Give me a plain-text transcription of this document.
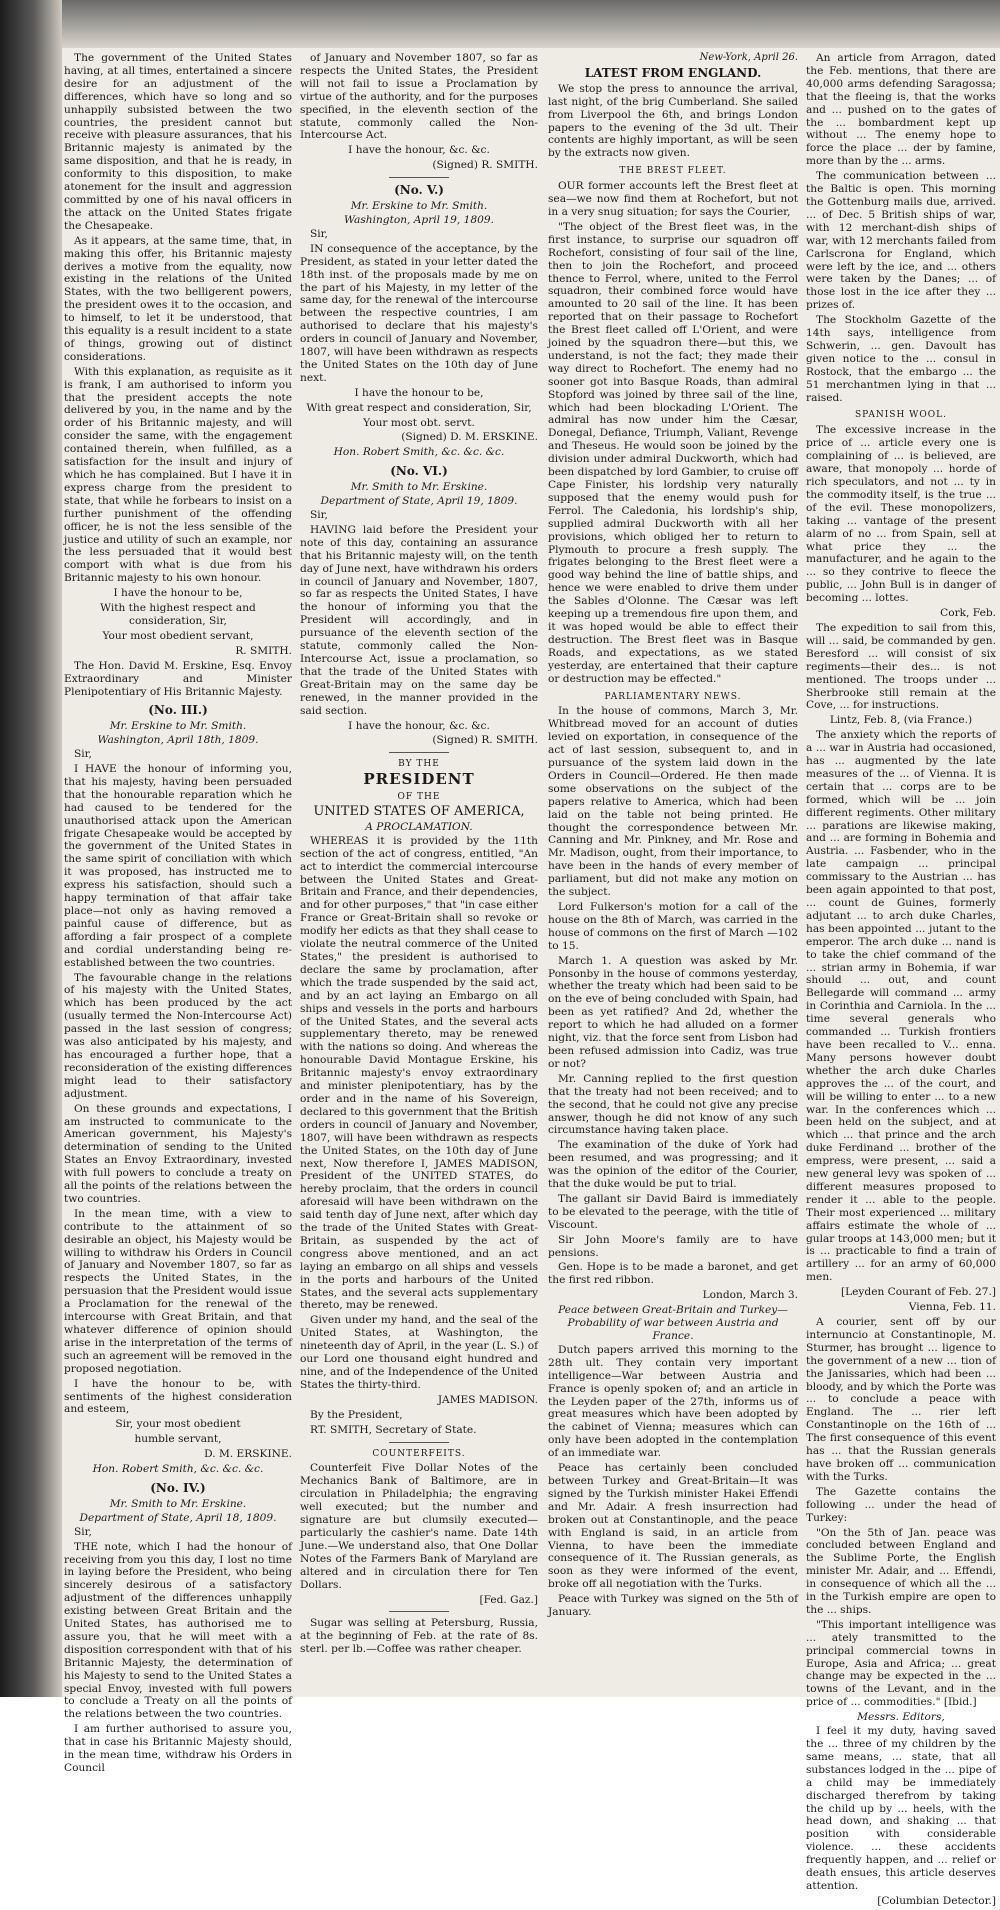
The government of the United States having, at all times, entertained a sincere desire for an adjustment of the differences, which have so long and so unhappily subsisted between the two countries, the president cannot but receive with pleasure assurances, that his Britannic majesty is animated by the same disposition, and that he is ready, in conformity to this disposition, to make atonement for the insult and aggression committed by one of his naval officers in the attack on the United States frigate the Chesapeake.

As it appears, at the same time, that, in making this offer, his Britannic majesty derives a motive from the equality, now existing in the relations of the United States, with the two belligerent powers, the president owes it to the occasion, and to himself, to let it be understood, that this equality is a result incident to a state of things, growing out of distinct considerations.

With this explanation, as requisite as it is frank, I am authorised to inform you that the president accepts the note delivered by you, in the name and by the order of his Britannic majesty, and will consider the same, with the engagement contained therein, when fulfilled, as a satisfaction for the insult and injury of which he has complained. But I have it in express charge from the president to state, that while he forbears to insist on a further punishment of the offending officer, he is not the less sensible of the justice and utility of such an example, nor the less persuaded that it would best comport with what is due from his Britannic majesty to his own honour.

I have the honour to be,

With the highest respect and consideration, Sir,

Your most obedient servant,

R. SMITH.

The Hon. David M. Erskine, Esq. Envoy Extraordinary and Minister Plenipotentiary of His Britannic Majesty.

(No. III.)
Mr. Erskine to Mr. Smith.
Washington, April 18th, 1809.

Sir,

I HAVE the honour of informing you, that his majesty, having been persuaded that the honourable reparation which he had caused to be tendered for the unauthorised attack upon the American frigate Chesapeake would be accepted by the government of the United States in the same spirit of conciliation with which it was proposed, has instructed me to express his satisfaction, should such a happy termination of that affair take place—not only as having removed a painful cause of difference, but as affording a fair prospect of a complete and cordial understanding being re-established between the two countries.

The favourable change in the relations of his majesty with the United States, which has been produced by the act (usually termed the Non-Intercourse Act) passed in the last session of congress; was also anticipated by his majesty, and has encouraged a further hope, that a reconsideration of the existing differences might lead to their satisfactory adjustment.

On these grounds and expectations, I am instructed to communicate to the American government, his Majesty's determination of sending to the United States an Envoy Extraordinary, invested with full powers to conclude a treaty on all the points of the relations between the two countries.

In the mean time, with a view to contribute to the attainment of so desirable an object, his Majesty would be willing to withdraw his Orders in Council of January and November 1807, so far as respects the United States, in the persuasion that the President would issue a Proclamation for the renewal of the intercourse with Great Britain, and that whatever difference of opinion should arise in the interpretation of the terms of such an agreement will be removed in the proposed negotiation.

I have the honour to be, with sentiments of the highest consideration and esteem,

Sir, your most obedient

humble servant,

D. M. ERSKINE.

Hon. Robert Smith, &c. &c. &c.

(No. IV.)
Mr. Smith to Mr. Erskine.
Department of State, April 18, 1809.

Sir,

THE note, which I had the honour of receiving from you this day, I lost no time in laying before the President, who being sincerely desirous of a satisfactory adjustment of the differences unhappily existing between Great Britain and the United States, has authorised me to assure you, that he will meet with a disposition correspondent with that of his Britannic Majesty, the determination of his Majesty to send to the United States a special Envoy, invested with full powers to conclude a Treaty on all the points of the relations between the two countries.

I am further authorised to assure you, that in case his Britannic Majesty should, in the mean time, withdraw his Orders in Council

of January and November 1807, so far as respects the United States, the President will not fail to issue a Proclamation by virtue of the authority, and for the purposes specified, in the eleventh section of the statute, commonly called the Non-Intercourse Act.

I have the honour, &c. &c.

(Signed) R. SMITH.

(No. V.)
Mr. Erskine to Mr. Smith.
Washington, April 19, 1809.

Sir,

IN consequence of the acceptance, by the President, as stated in your letter dated the 18th inst. of the proposals made by me on the part of his Majesty, in my letter of the same day, for the renewal of the intercourse between the respective countries, I am authorised to declare that his majesty's orders in council of January and November, 1807, will have been withdrawn as respects the United States on the 10th day of June next.

I have the honour to be,

With great respect and consideration, Sir,

Your most obt. servt.

(Signed) D. M. ERSKINE.

Hon. Robert Smith, &c. &c. &c.

(No. VI.)
Mr. Smith to Mr. Erskine.
Department of State, April 19, 1809.

Sir,

HAVING laid before the President your note of this day, containing an assurance that his Britannic majesty will, on the tenth day of June next, have withdrawn his orders in council of January and November, 1807, so far as respects the United States, I have the honour of informing you that the President will accordingly, and in pursuance of the eleventh section of the statute, commonly called the Non-Intercourse Act, issue a proclamation, so that the trade of the United States with Great-Britain may on the same day be renewed, in the manner provided in the said section.

I have the honour, &c. &c.

(Signed) R. SMITH.

BY THE
PRESIDENT
OF THE
UNITED STATES OF AMERICA,
A PROCLAMATION.

WHEREAS it is provided by the 11th section of the act of congress, entitled, "An act to interdict the commercial intercourse between the United States and Great-Britain and France, and their dependencies, and for other purposes," that "in case either France or Great-Britain shall so revoke or modify her edicts as that they shall cease to violate the neutral commerce of the United States," the president is authorised to declare the same by proclamation, after which the trade suspended by the said act, and by an act laying an Embargo on all ships and vessels in the ports and harbours of the United States, and the several acts supplementary thereto, may be renewed with the nations so doing. And whereas the honourable David Montague Erskine, his Britannic majesty's envoy extraordinary and minister plenipotentiary, has by the order and in the name of his Sovereign, declared to this government that the British orders in council of January and November, 1807, will have been withdrawn as respects the United States, on the 10th day of June next, Now therefore I, JAMES MADISON, President of the UNITED STATES, do hereby proclaim, that the orders in council aforesaid will have been withdrawn on the said tenth day of June next, after which day the trade of the United States with Great-Britain, as suspended by the act of congress above mentioned, and an act laying an embargo on all ships and vessels in the ports and harbours of the United States, and the several acts supplementary thereto, may be renewed.

Given under my hand, and the seal of the United States, at Washington, the nineteenth day of April, in the year (L. S.) of our Lord one thousand eight hundred and nine, and of the Independence of the United States the thirty-third.

JAMES MADISON.

By the President,

RT. SMITH, Secretary of State.

COUNTERFEITS.

Counterfeit Five Dollar Notes of the Mechanics Bank of Baltimore, are in circulation in Philadelphia; the engraving well executed; but the number and signature are but clumsily executed—particularly the cashier's name. Date 14th June.—We understand also, that One Dollar Notes of the Farmers Bank of Maryland are altered and in circulation there for Ten Dollars.

[Fed. Gaz.]

Sugar was selling at Petersburg, Russia, at the beginning of Feb. at the rate of 8s. sterl. per lb.—Coffee was rather cheaper.

New-York, April 26.
LATEST FROM ENGLAND.

We stop the press to announce the arrival, last night, of the brig Cumberland. She sailed from Liverpool the 6th, and brings London papers to the evening of the 3d ult. Their contents are highly important, as will be seen by the extracts now given.

THE BREST FLEET.

OUR former accounts left the Brest fleet at sea—we now find them at Rochefort, but not in a very snug situation; for says the Courier,

"The object of the Brest fleet was, in the first instance, to surprise our squadron off Rochefort, consisting of four sail of the line, then to join the Rochefort, and proceed thence to Ferrol, where, united to the Ferrol squadron, their combined force would have amounted to 20 sail of the line. It has been reported that on their passage to Rochefort the Brest fleet called off L'Orient, and were joined by the squadron there—but this, we understand, is not the fact; they made their way direct to Rochefort. The enemy had no sooner got into Basque Roads, than admiral Stopford was joined by three sail of the line, which had been blockading L'Orient. The admiral has now under him the Cæsar, Donegal, Defiance, Triumph, Valiant, Revenge and Theseus. He would soon be joined by the division under admiral Duckworth, which had been dispatched by lord Gambier, to cruise off Cape Finister, his lordship very naturally supposed that the enemy would push for Ferrol. The Caledonia, his lordship's ship, supplied admiral Duckworth with all her provisions, which obliged her to return to Plymouth to procure a fresh supply. The frigates belonging to the Brest fleet were a good way behind the line of battle ships, and hence we were enabled to drive them under the Sables d'Olonne. The Cæsar was left keeping up a tremendous fire upon them, and it was hoped would be able to effect their destruction. The Brest fleet was in Basque Roads, and expectations, as we stated yesterday, are entertained that their capture or destruction may be effected."

PARLIAMENTARY NEWS.

In the house of commons, March 3, Mr. Whitbread moved for an account of duties levied on exportation, in consequence of the act of last session, subsequent to, and in pursuance of the system laid down in the Orders in Council—Ordered. He then made some observations on the subject of the papers relative to America, which had been laid on the table not being printed. He thought the correspondence between Mr. Canning and Mr. Pinkney, and Mr. Rose and Mr. Madison, ought, from their importance, to have been in the hands of every member of parliament, but did not make any motion on the subject.

Lord Fulkerson's motion for a call of the house on the 8th of March, was carried in the house of commons on the first of March —102 to 15.

March 1. A question was asked by Mr. Ponsonby in the house of commons yesterday, whether the treaty which had been said to be on the eve of being concluded with Spain, had been as yet ratified? And 2d, whether the report to which he had alluded on a former night, viz. that the force sent from Lisbon had been refused admission into Cadiz, was true or not?

Mr. Canning replied to the first question that the treaty had not been received; and to the second, that he could not give any precise answer, though he did not know of any such circumstance having taken place.

The examination of the duke of York had been resumed, and was progressing; and it was the opinion of the editor of the Courier, that the duke would be put to trial.

The gallant sir David Baird is immediately to be elevated to the peerage, with the title of Viscount.

Sir John Moore's family are to have pensions.

Gen. Hope is to be made a baronet, and get the first red ribbon.

London, March 3.

Peace between Great-Britain and Turkey—Probability of war between Austria and France.

Dutch papers arrived this morning to the 28th ult. They contain very important intelligence—War between Austria and France is openly spoken of; and an article in the Leyden paper of the 27th, informs us of great measures which have been adopted by the cabinet of Vienna; measures which can only have been adopted in the contemplation of an immediate war.

Peace has certainly been concluded between Turkey and Great-Britain—It was signed by the Turkish minister Hakei Effendi and Mr. Adair. A fresh insurrection had broken out at Constantinople, and the peace with England is said, in an article from Vienna, to have been the immediate consequence of it. The Russian generals, as soon as they were informed of the event, broke off all negotiation with the Turks.

Peace with Turkey was signed on the 5th of January.

An article from Arragon, dated the Feb. mentions, that there are 40,000 arms defending Saragossa; that the fleeing is, that the works and ... pushed on to the gates of the ... bombardment kept up without ... The enemy hope to force the place ... der by famine, more than by the ... arms.

The communication between ... the Baltic is open. This morning the Gottenburg mails due, arrived. ... of Dec. 5 British ships of war, with 12 merchant-dish ships of war, with 12 merchants failed from Carlscrona for England, which were left by the ice, and ... others were taken by the Danes; ... of those lost in the ice after they ... prizes of.

The Stockholm Gazette of the 14th says, intelligence from Schwerin, ... gen. Davoult has given notice to the ... consul in Rostock, that the embargo ... the 51 merchantmen lying in that ... raised.

SPANISH WOOL.

The excessive increase in the price of ... article every one is complaining of ... is believed, are aware, that monopoly ... horde of rich speculators, and not ... ty in the commodity itself, is the true ... of the evil. These monopolizers, taking ... vantage of the present alarm of no ... from Spain, sell at what price they ... the manufacturer, and he again to the ... so they contrive to fleece the public, ... John Bull is in danger of becoming ... lottes.

Cork, Feb.

The expedition to sail from this, will ... said, be commanded by gen. Beresford ... will consist of six regiments—their des... is not mentioned. The troops under ... Sherbrooke still remain at the Cove, ... for instructions.

Lintz, Feb. 8, (via France.)

The anxiety which the reports of a ... war in Austria had occasioned, has ... augmented by the late measures of the ... of Vienna. It is certain that ... corps are to be formed, which will be ... join different regiments. Other military ... parations are likewise making, and ... are forming in Bohemia and Austria. ... Fasbender, who in the late campaign ... principal commissary to the Austrian ... has been again appointed to that post, ... count de Guines, formerly adjutant ... to arch duke Charles, has been appointed ... jutant to the emperor. The arch duke ... nand is to take the chief command of the ... strian army in Bohemia, if war should ... out, and count Bellegarde will command ... army in Corinthia and Carniola. In the ... time several generals who commanded ... Turkish frontiers have been recalled to V... enna. Many persons however doubt whether the arch duke Charles approves the ... of the court, and will be willing to enter ... to a new war. In the conferences which ... been held on the subject, and at which ... that prince and the arch duke Ferdinand ... brother of the empress, were present, ... said a new general levy was spoken of ... different measures proposed to render it ... able to the people. Their most experienced ... military affairs estimate the whole of ... gular troops at 143,000 men; but it is ... practicable to find a train of artillery ... for an army of 60,000 men.

[Leyden Courant of Feb. 27.]

Vienna, Feb. 11.

A courier, sent off by our internuncio at Constantinople, M. Sturmer, has brought ... ligence to the government of a new ... tion of the Janissaries, which had been ... bloody, and by which the Porte was ... to conclude a peace with England. The ... rier left Constantinople on the 16th of ... The first consequence of this event has ... that the Russian generals have broken off ... communication with the Turks.

The Gazette contains the following ... under the head of Turkey:

"On the 5th of Jan. peace was concluded between England and the Sublime Porte, the English minister Mr. Adair, and ... Effendi, in consequence of which all the ... in the Turkish empire are open to the ... ships.

"This important intelligence was ... ately transmitted to the principal commercial towns in Europe, Asia and Africa; ... great change may be expected in the ... towns of the Levant, and in the price of ... commodities." [Ibid.]

Messrs. Editors,

I feel it my duty, having saved the ... three of my children by the same means, ... state, that all substances lodged in the ... pipe of a child may be immediately discharged therefrom by taking the child up by ... heels, with the head down, and shaking ... that position with considerable violence. ... these accidents frequently happen, and ... relief or death ensues, this article deserves attention.

[Columbian Detector.]
